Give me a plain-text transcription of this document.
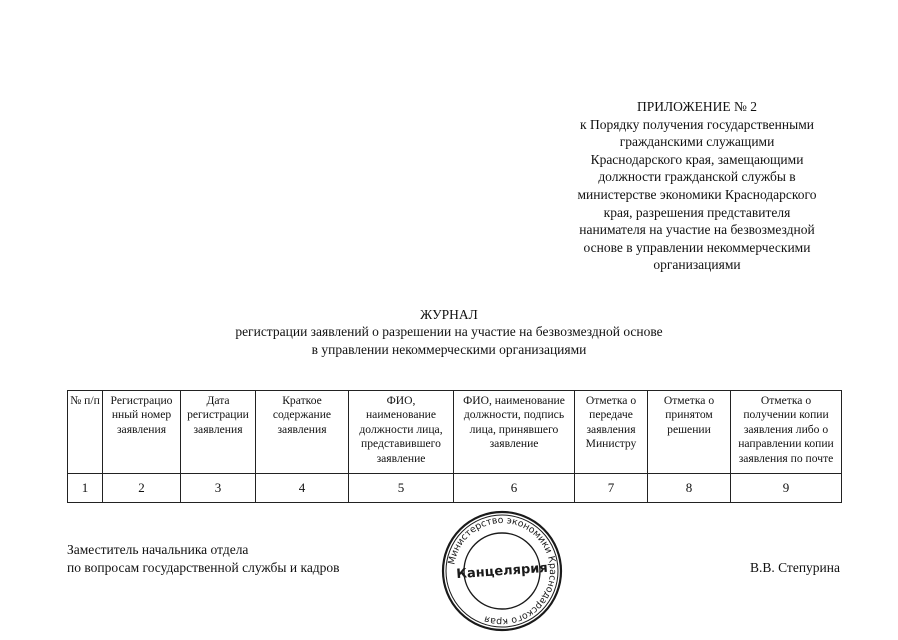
ПРИЛОЖЕНИЕ № 2
к Порядку получения государственными
гражданскими служащими
Краснодарского края, замещающими
должности гражданской службы в
министерстве экономики Краснодарского
края, разрешения представителя
нанимателя на участие на безвозмездной
основе в управлении некоммерческими
организациями
ЖУРНАЛ
регистрации заявлений о разрешении на участие на безвозмездной основе
в управлении некоммерческими организациями
№ п/п	Регистрацио нный номер заявления	Дата регистрации заявления	Краткое содержание заявления	ФИО, наименование должности лица, представившего заявление	ФИО, наименование должности, подпись лица, принявшего заявление	Отметка о передаче заявления Министру	Отметка о принятом решении	Отметка о получении копии заявления либо о направлении копии заявления по почте
1	2	3	4	5	6	7	8	9
Заместитель начальника отдела
по вопросам государственной службы и кадров	Министерство экономики Краснодарского края
Канцелярия	В.В. Степурина
